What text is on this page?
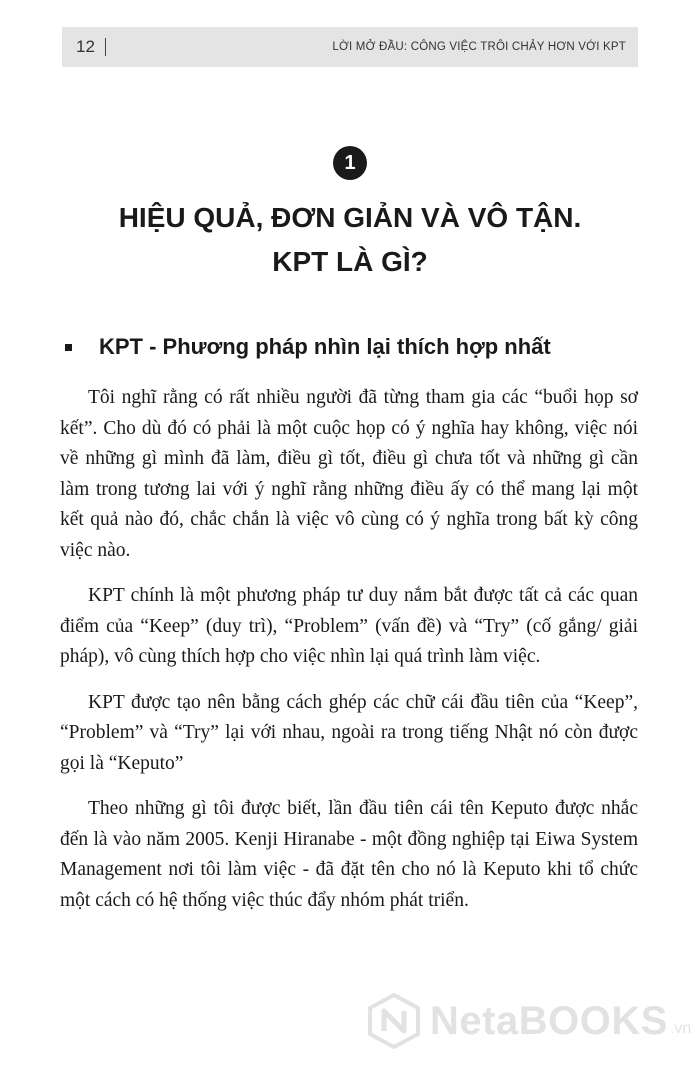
12	LỜI MỞ ĐẦU: CÔNG VIỆC TRÔI CHẢY HƠN VỚI KPT
1
HIỆU QUẢ, ĐƠN GIẢN VÀ VÔ TẬN.
KPT LÀ GÌ?
KPT - Phương pháp nhìn lại thích hợp nhất

Tôi nghĩ rằng có rất nhiều người đã từng tham gia các “buổi họp sơ kết”. Cho dù đó có phải là một cuộc họp có ý nghĩa hay không, việc nói về những gì mình đã làm, điều gì tốt, điều gì chưa tốt và những gì cần làm trong tương lai với ý nghĩ rằng những điều ấy có thể mang lại một kết quả nào đó, chắc chắn là việc vô cùng có ý nghĩa trong bất kỳ công việc nào.

KPT chính là một phương pháp tư duy nắm bắt được tất cả các quan điểm của “Keep” (duy trì), “Problem” (vấn đề) và “Try” (cố gắng/ giải pháp), vô cùng thích hợp cho việc nhìn lại quá trình làm việc.

KPT được tạo nên bằng cách ghép các chữ cái đầu tiên của “Keep”, “Problem” và “Try” lại với nhau, ngoài ra trong tiếng Nhật nó còn được gọi là “Keputo”

Theo những gì tôi được biết, lần đầu tiên cái tên Keputo được nhắc đến là vào năm 2005. Kenji Hiranabe - một đồng nghiệp tại Eiwa System Management nơi tôi làm việc - đã đặt tên cho nó là Keputo khi tổ chức một cách có hệ thống việc thúc đẩy nhóm phát triển.

NetaBOOKS .vn
